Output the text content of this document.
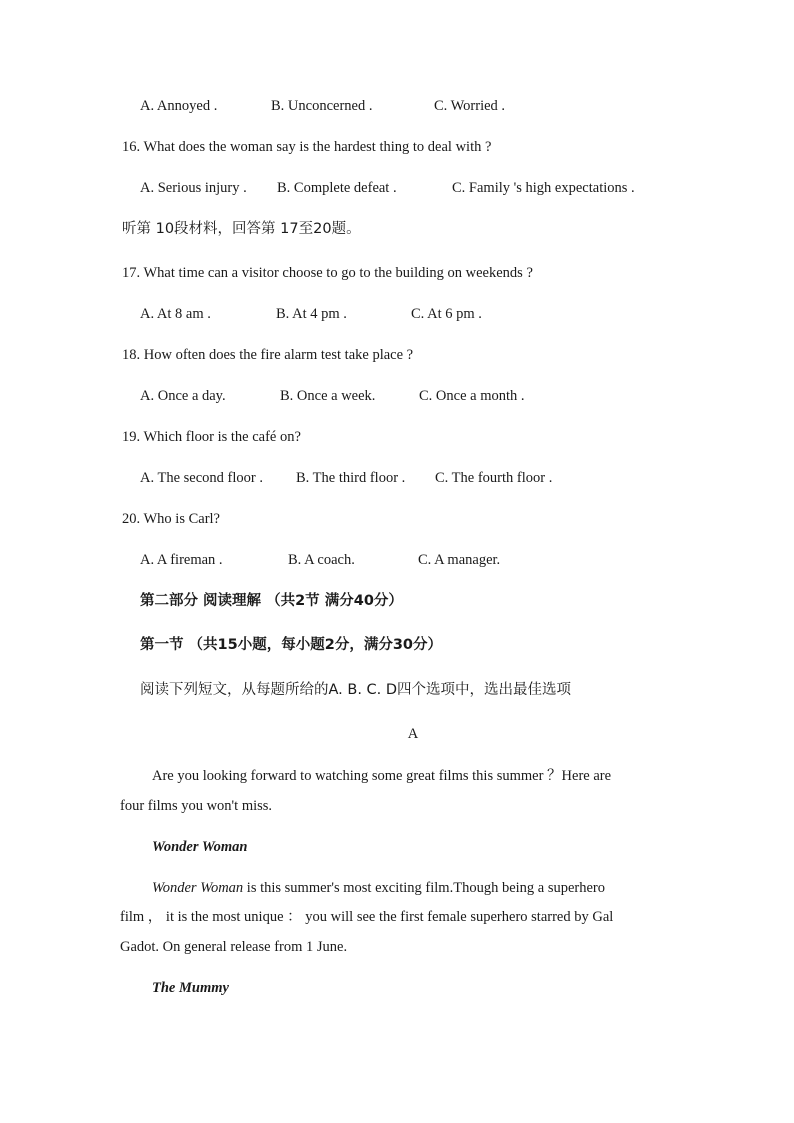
A. Annoyed .	B. Unconcerned .	C. Worried .
16. What does the woman say is the hardest thing to deal with ?
A. Serious injury . B. Complete defeat .	C. Family 's high expectations .
听第 10段材料，回答第 17至20题。
17. What time can a visitor choose to go to the building on weekends ?
A. At 8 am .	B. At 4 pm .	C. At 6 pm .
18. How often does the fire alarm test take place ?
A. Once a day.	B. Once a week.	C. Once a month .
19. Which floor is the café on?
A. The second floor . B. The third floor . C. The fourth floor .
20. Who is Carl?
A. A fireman .	B. A coach.	C. A manager.
第二部分 阅读理解 （共2节 满分40分）
第一节 （共15小题，每小题2分，满分30分）
阅读下列短文，从每题所给的A. B. C. D四个选项中，选出最佳选项
A
Are you looking forward to watching some great films this summer ？Here are
four films you won't miss.
Wonder Woman
Wonder Woman is this summer's most exciting film.Though being a superhero
film ， it is the most unique ： you will see the first female superhero starred by Gal
Gadot. On general release from 1 June.
The Mummy
